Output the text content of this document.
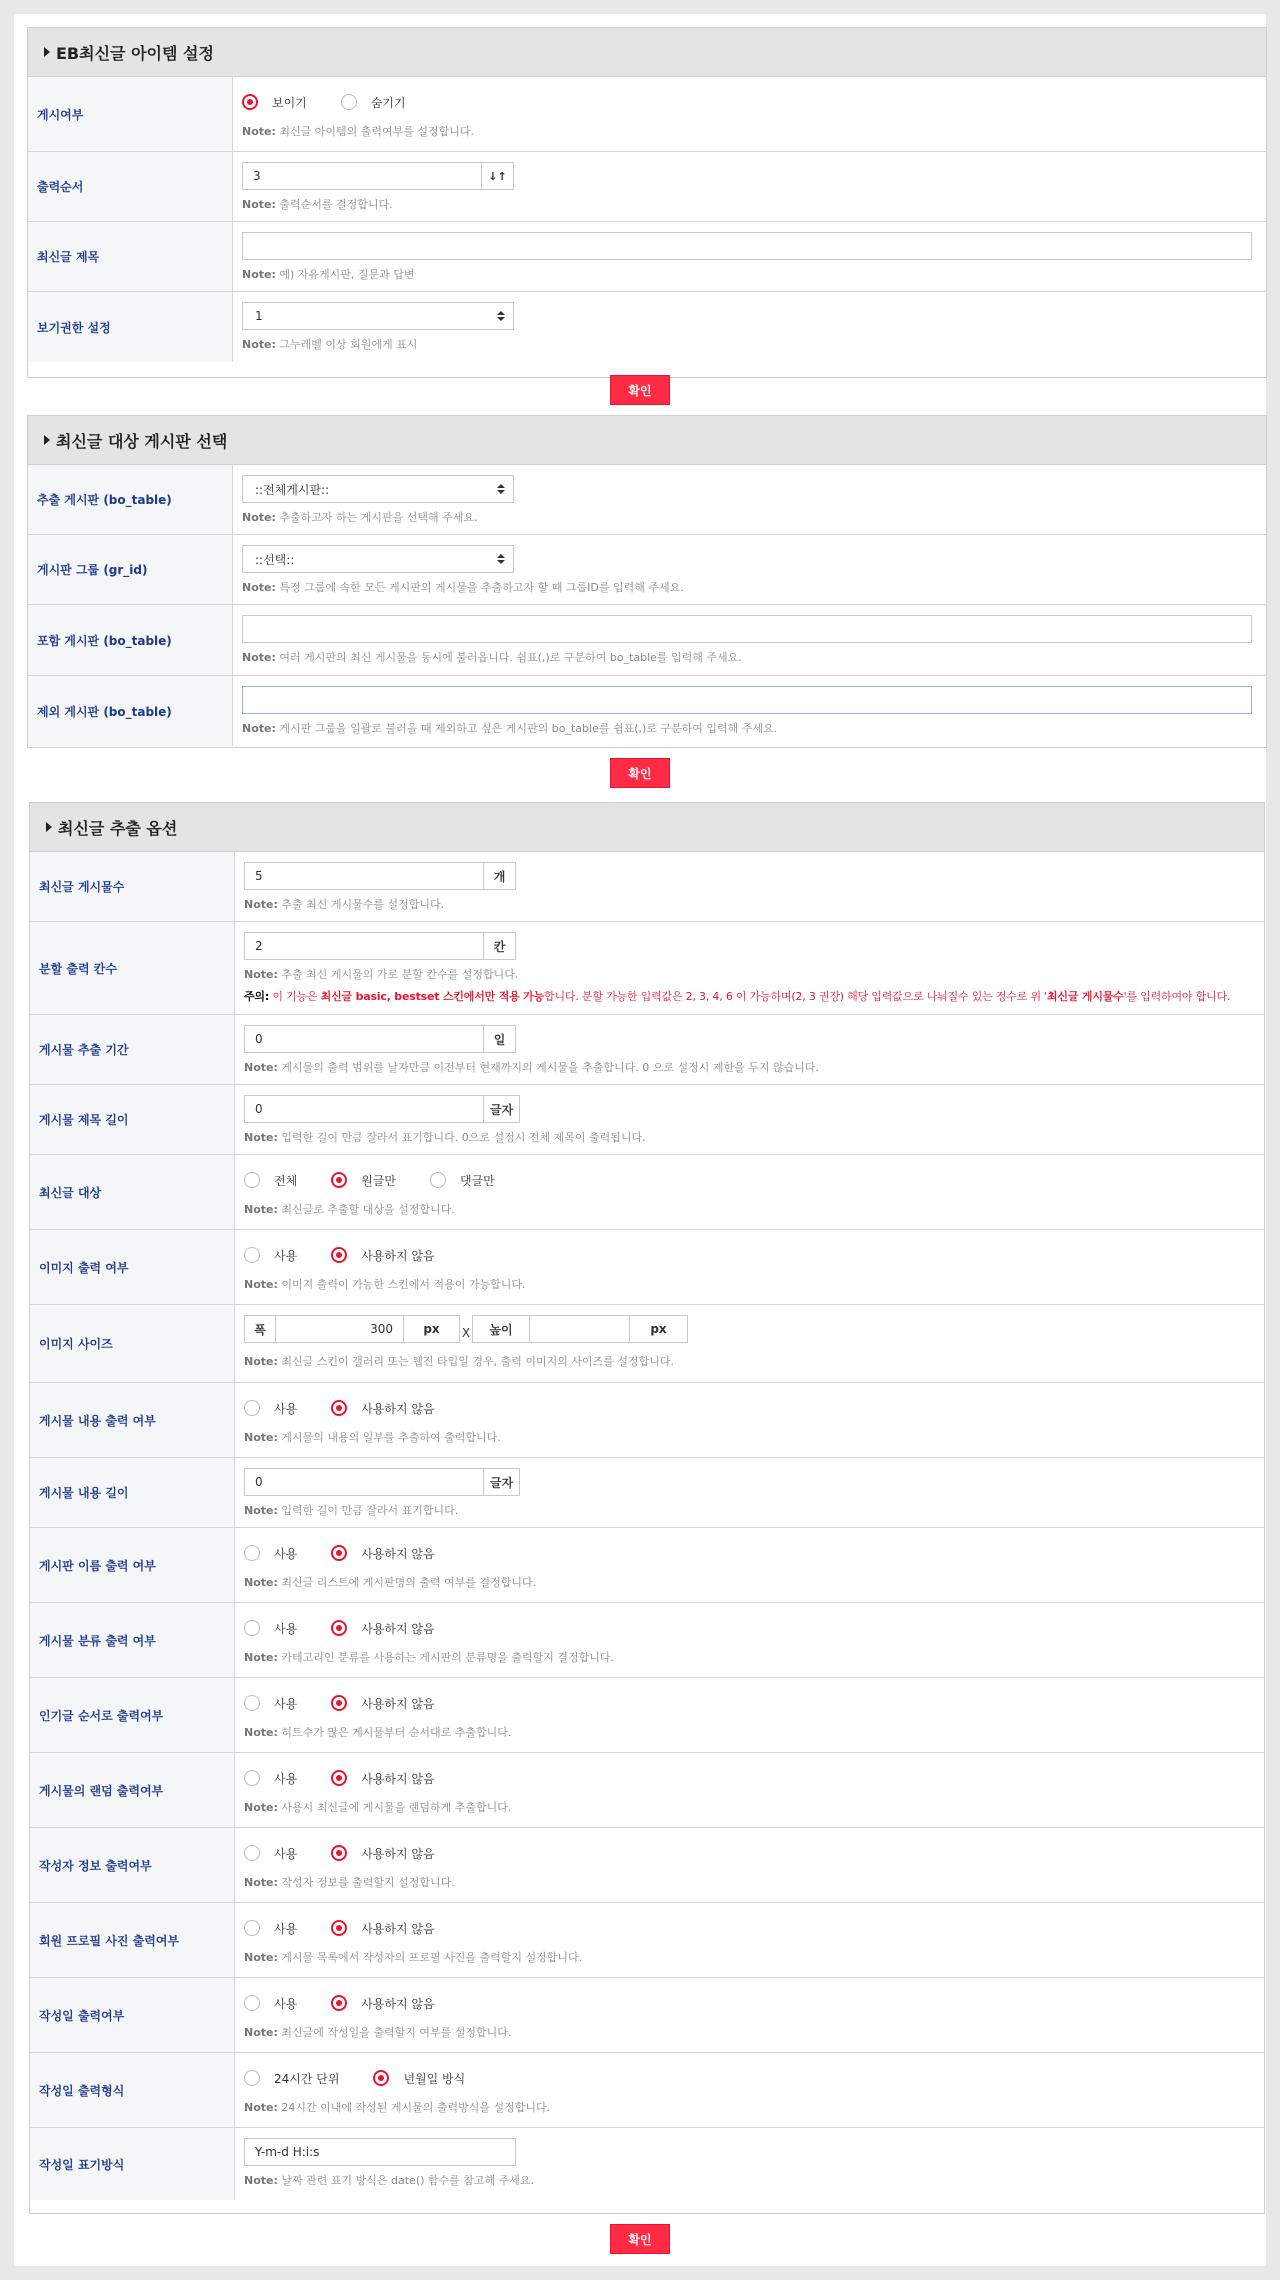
EB최신글 아이템 설정
게시여부
보이기	숨기기
Note: 최신글 아이템의 출력여부를 설정합니다.
출력순서
3	↓↑
Note: 출력순서를 결정합니다.
최신글 제목
Note: 예) 자유게시판, 질문과 답변
보기권한 설정
1
Note: 그누레벨 이상 회원에게 표시
확인
최신글 대상 게시판 선택
추출 게시판 (bo_table)
::전체게시판::
Note: 추출하고자 하는 게시판을 선택해 주세요.
게시판 그룹 (gr_id)
::선택::
Note: 특정 그룹에 속한 모든 게시판의 게시물을 추출하고자 할 때 그룹ID를 입력해 주세요.
포함 게시판 (bo_table)
Note: 여러 게시판의 최신 게시물을 동시에 불러옵니다. 쉼표(,)로 구분하여 bo_table를 입력해 주세요.
제외 게시판 (bo_table)
Note: 게시판 그룹을 일괄로 불러올 때 제외하고 싶은 게시판의 bo_table를 쉼표(,)로 구분하여 입력해 주세요.
확인
최신글 추출 옵션
최신글 게시물수
5	개
Note: 추출 최신 게시물수를 설정합니다.
분할 출력 칸수
2	칸
Note: 추출 최신 게시물의 가로 분할 칸수를 설정합니다.
주의: 이 기능은 최신글 basic, bestset 스킨에서만 적용 가능합니다. 분할 가능한 입력값은 2, 3, 4, 6 이 가능하며(2, 3 권장) 해당 입력값으로 나눠질수 있는 정수로 위 '최신글 게시물수'를 입력하여야 합니다.
게시물 추출 기간
0	일
Note: 게시물의 출력 범위를 날자만큼 이전부터 현재까지의 게시물을 추출합니다. 0 으로 설정시 제한을 두지 않습니다.
게시물 제목 길이
0	글자
Note: 입력한 길이 만큼 잘라서 표기합니다. 0으로 설정시 전체 제목이 출력됩니다.
최신글 대상
전체	원글만	댓글만
Note: 최신글로 추출할 대상을 설정합니다.
이미지 출력 여부
사용	사용하지 않음
Note: 이미지 출력이 가능한 스킨에서 적용이 가능합니다.
이미지 사이즈
폭	300	px	X	높이	px
Note: 최신글 스킨이 갤러리 또는 웹진 타입일 경우, 출력 이미지의 사이즈를 설정합니다.
게시물 내용 출력 여부
사용	사용하지 않음
Note: 게시물의 내용의 일부를 추출하여 출력합니다.
게시물 내용 길이
0	글자
Note: 입력한 길이 만큼 잘라서 표기합니다.
게시판 이름 출력 여부
사용	사용하지 않음
Note: 최신글 리스트에 게시판명의 출력 여부를 결정합니다.
게시물 분류 출력 여부
사용	사용하지 않음
Note: 카테고리인 분류를 사용하는 게시판의 분류명을 출력할지 결정합니다.
인기글 순서로 출력여부
사용	사용하지 않음
Note: 히트수가 많은 게시물부터 순서대로 추출합니다.
게시물의 랜덤 출력여부
사용	사용하지 않음
Note: 사용시 최신글에 게시물을 랜덤하게 추출합니다.
작성자 정보 출력여부
사용	사용하지 않음
Note: 작성자 정보를 출력할지 설정합니다.
회원 프로필 사진 출력여부
사용	사용하지 않음
Note: 게시물 목록에서 작성자의 프로필 사진을 출력할지 설정합니다.
작성일 출력여부
사용	사용하지 않음
Note: 최신글에 작성일을 출력할지 여부를 설정합니다.
작성일 출력형식
24시간 단위	년월일 방식
Note: 24시간 이내에 작성된 게시물의 출력방식을 설정합니다.
작성일 표기방식
Y-m-d H:i:s
Note: 날짜 관련 표기 방식은 date() 함수를 참고해 주세요.
확인
